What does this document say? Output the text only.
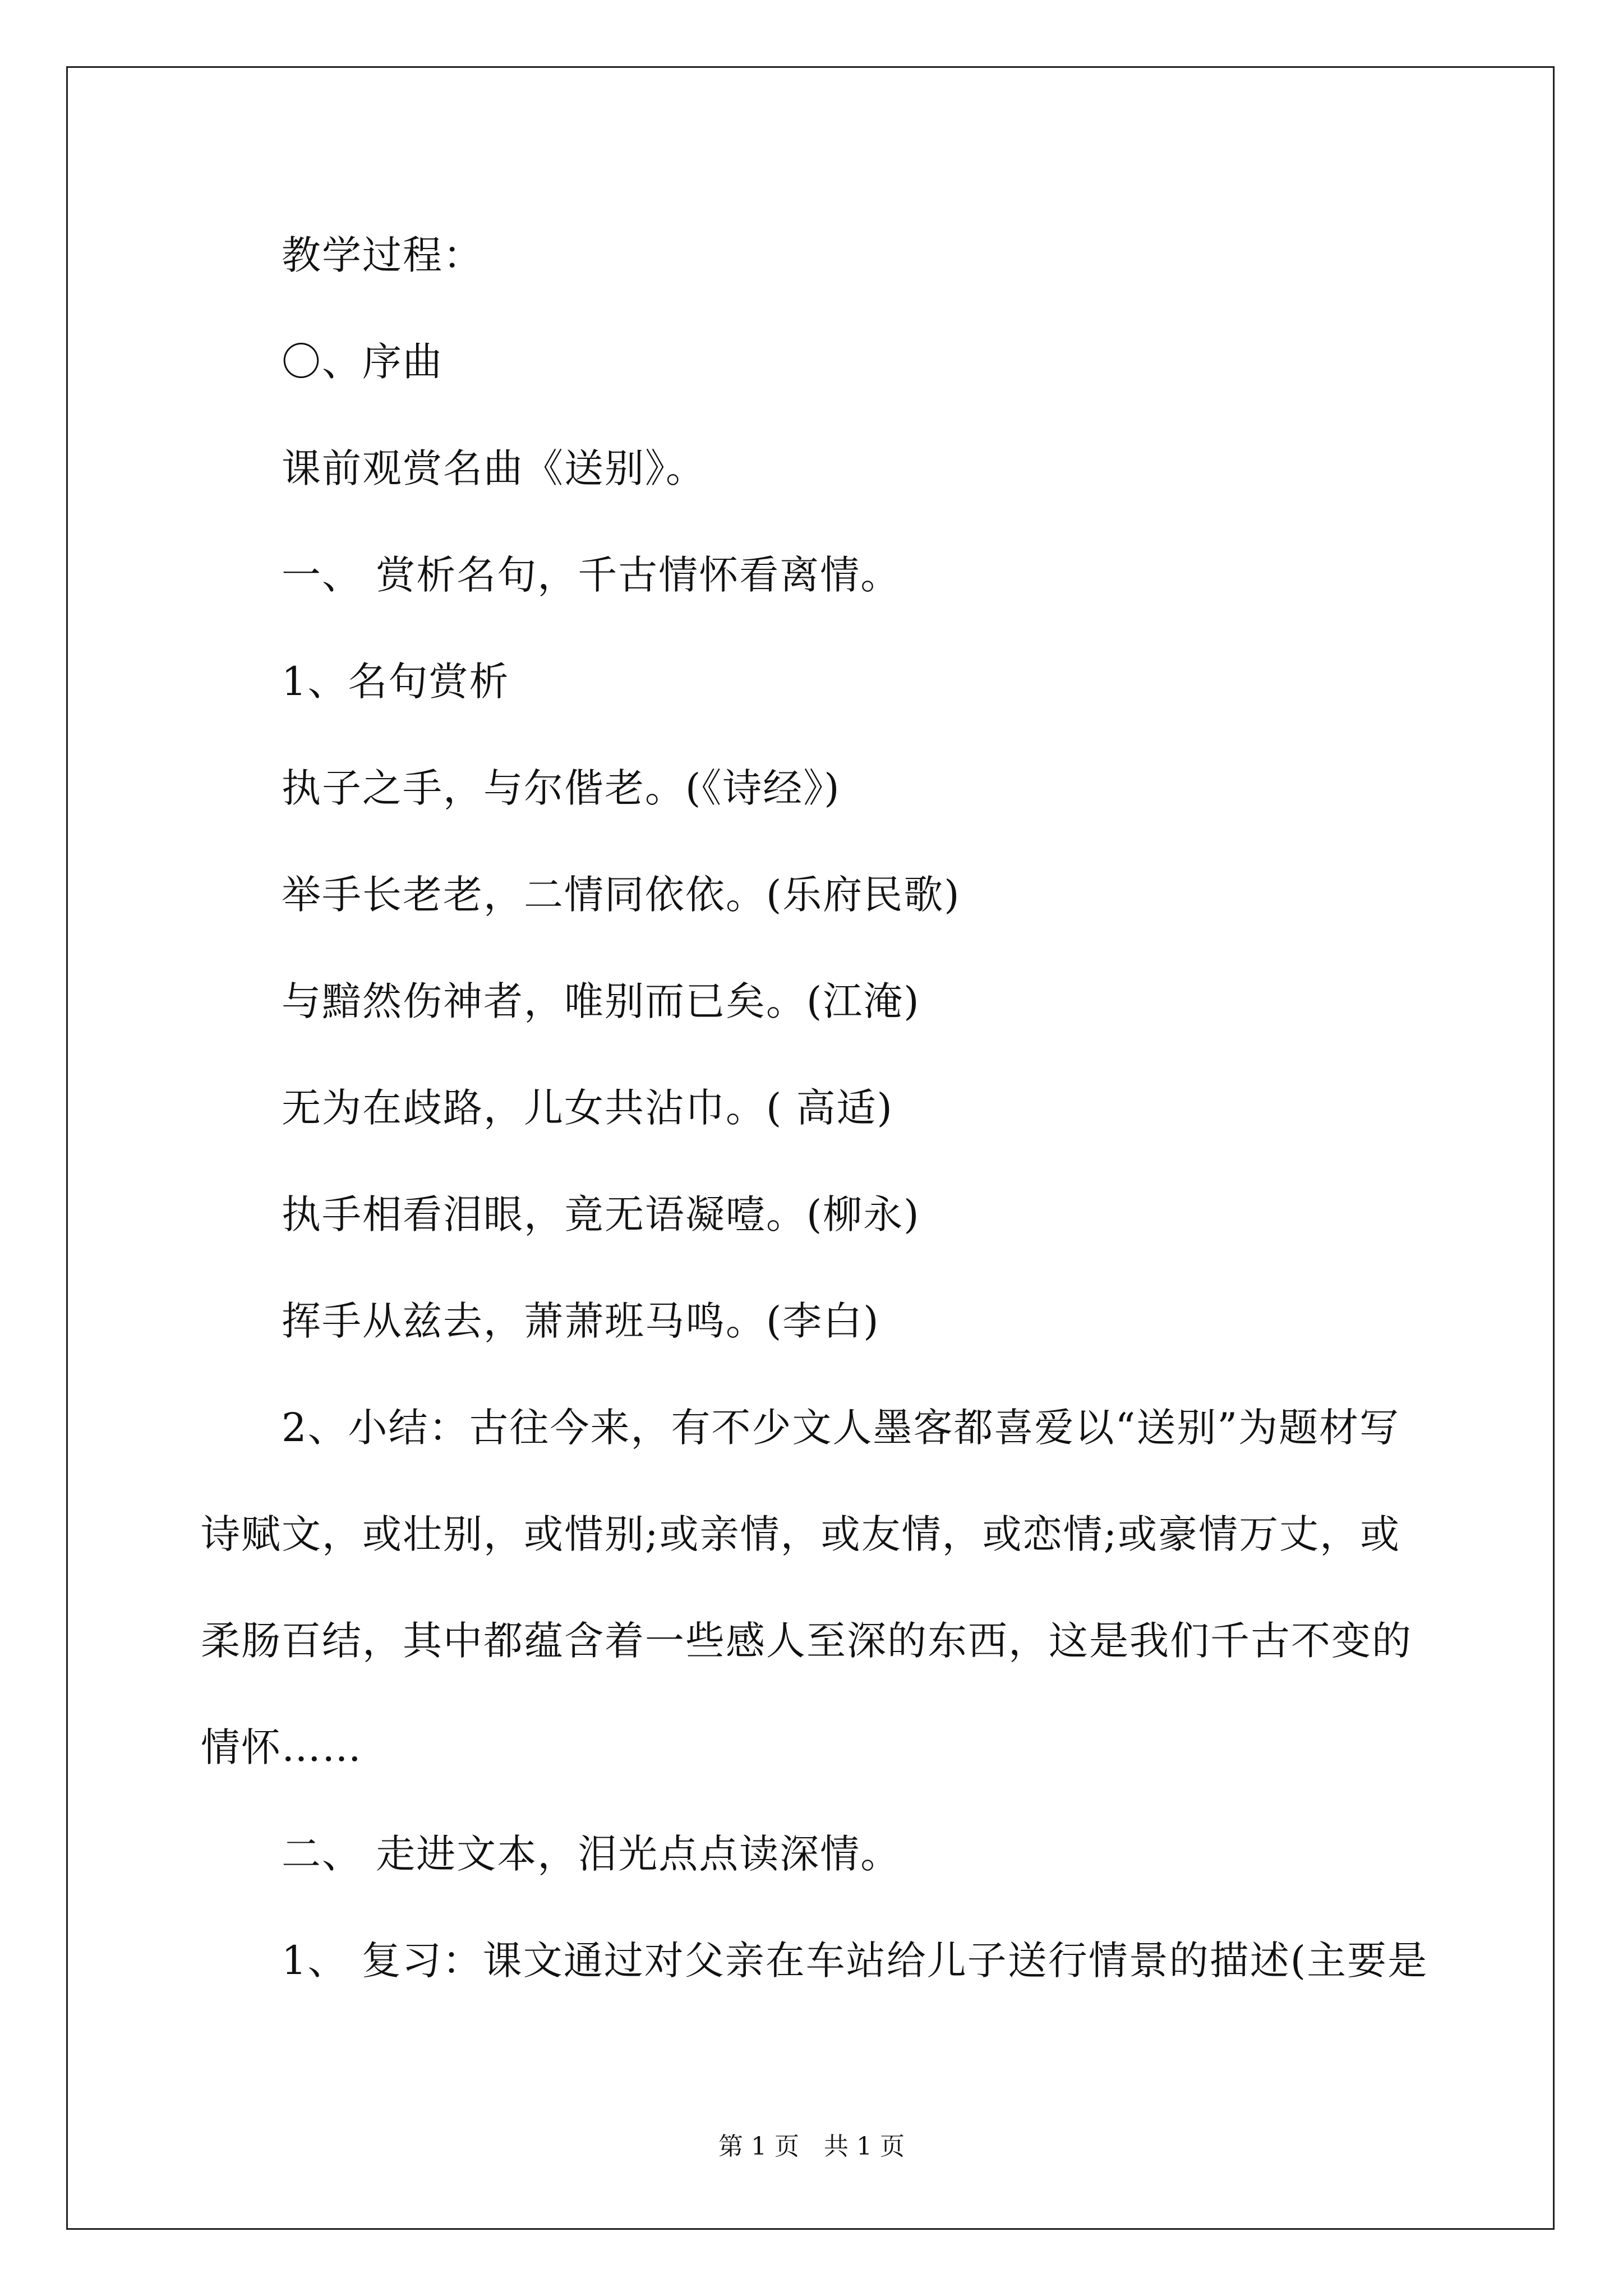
教学过程：

〇、序曲

课前观赏名曲《送别》。

一、 赏析名句，千古情怀看离情。

1、名句赏析

执子之手，与尔偕老。(《诗经》)

举手长老老，二情同依依。(乐府民歌)

与黯然伤神者，唯别而已矣。(江淹)

无为在歧路，儿女共沾巾。( 高适)

执手相看泪眼，竟无语凝噎。(柳永)

挥手从兹去，萧萧班马鸣。(李白)

2、小结：古往今来，有不少文人墨客都喜爱以“送别”为题材写

诗赋文，或壮别，或惜别;或亲情，或友情，或恋情;或豪情万丈，或

柔肠百结，其中都蕴含着一些感人至深的东西，这是我们千古不变的

情怀……

二、 走进文本，泪光点点读深情。

1、 复习：课文通过对父亲在车站给儿子送行情景的描述(主要是

第 1 页　共 1 页
